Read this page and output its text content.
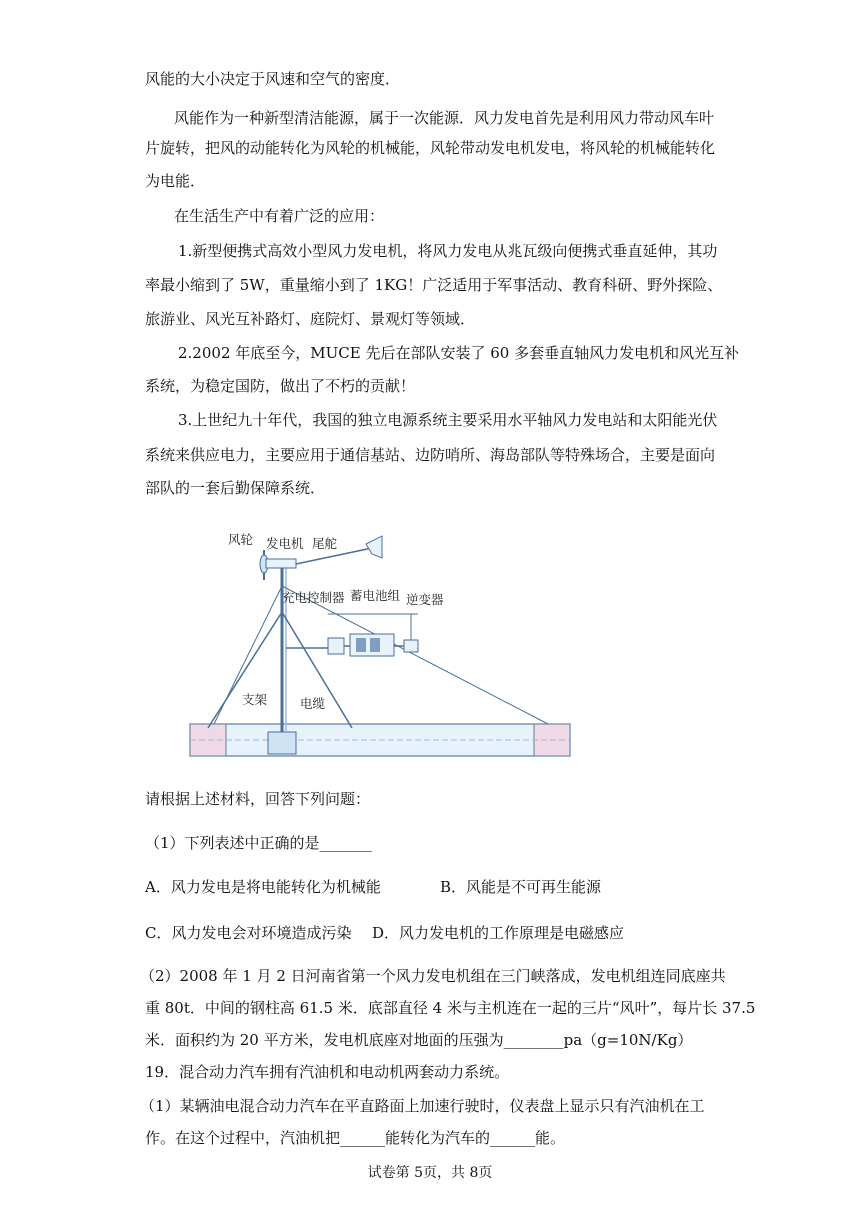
风能的大小决定于风速和空气的密度．
风能作为一种新型清洁能源，属于一次能源．风力发电首先是利用风力带动风车叶
片旋转，把风的动能转化为风轮的机械能，风轮带动发电机发电，将风轮的机械能转化
为电能．
在生活生产中有着广泛的应用：
1.新型便携式高效小型风力发电机，将风力发电从兆瓦级向便携式垂直延伸，其功
率最小缩到了 5W，重量缩小到了 1KG！广泛适用于军事活动、教育科研、野外探险、
旅游业、风光互补路灯、庭院灯、景观灯等领域．
2.2002 年底至今，MUCE 先后在部队安装了 60 多套垂直轴风力发电机和风光互补
系统，为稳定国防，做出了不朽的贡献！
3.上世纪九十年代，我国的独立电源系统主要采用水平轴风力发电站和太阳能光伏
系统来供应电力，主要应用于通信基站、边防哨所、海岛部队等特殊场合，主要是面向
部队的一套后勤保障系统．
风轮 发电机 尾舵
充电控制器 蓄电池组 逆变器
支架	电缆
请根据上述材料，回答下列问题：
（1）下列表述中正确的是_______
A．风力发电是将电能转化为机械能	B．风能是不可再生能源
C．风力发电会对环境造成污染 D．风力发电机的工作原理是电磁感应
（2）2008 年 1 月 2 日河南省第一个风力发电机组在三门峡落成，发电机组连同底座共
重 80t．中间的钢柱高 61.5 米．底部直径 4 米与主机连在一起的三片“风叶”，每片长 37.5
米．面积约为 20 平方米，发电机底座对地面的压强为________pa（g=10N/Kg）
19．混合动力汽车拥有汽油机和电动机两套动力系统。
（1）某辆油电混合动力汽车在平直路面上加速行驶时，仪表盘上显示只有汽油机在工
作。在这个过程中，汽油机把______能转化为汽车的______能。
试卷第 5页，共 8页
